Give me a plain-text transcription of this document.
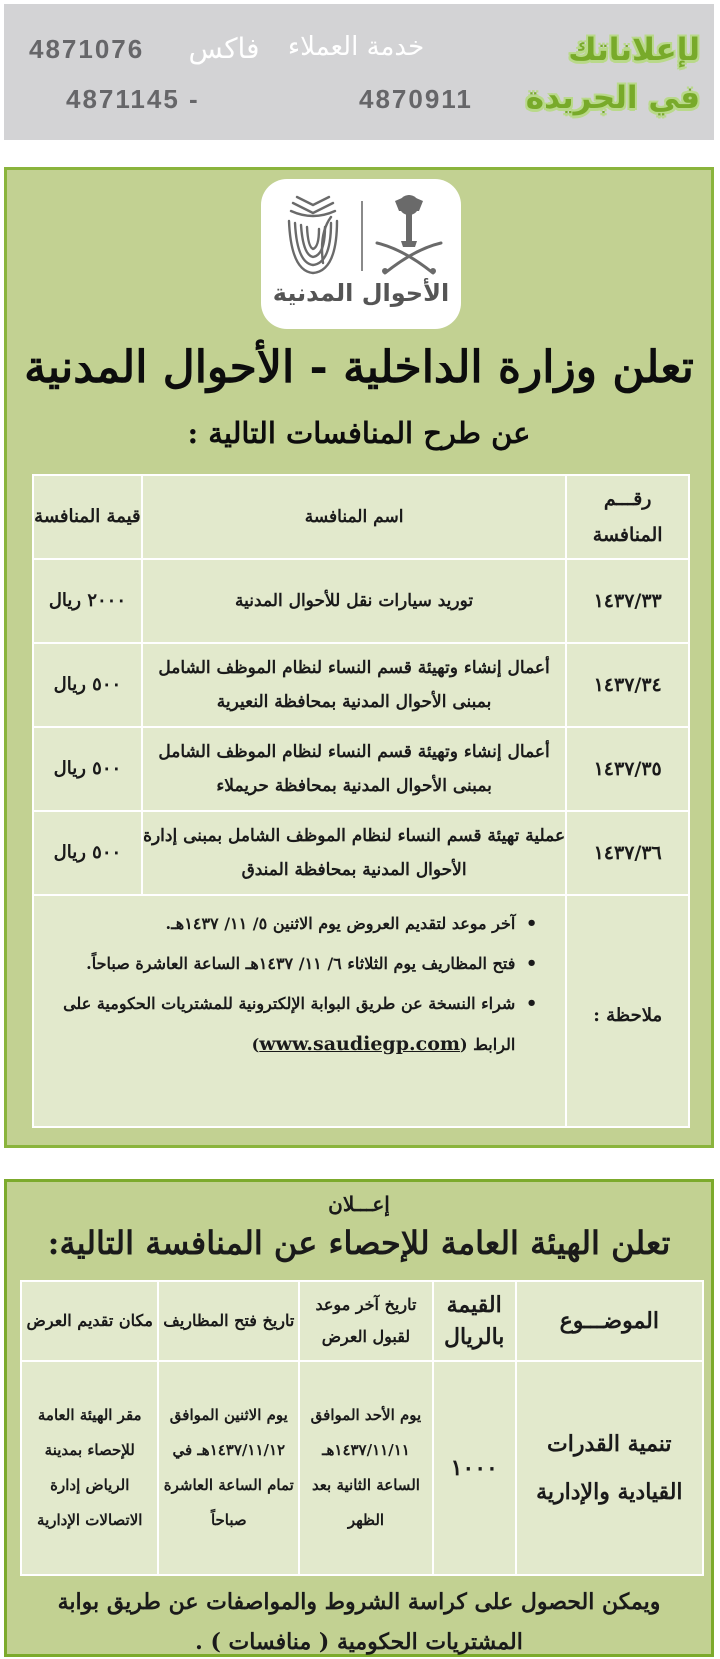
لإعلاناتك
في الجريدة
خدمة العملاء
فاكس
4871076
4870911
4871145 -
الأحوال المدنية
تعلن وزارة الداخلية - الأحوال المدنية
عن طرح المنافسات التالية :
رقـــم المنافسة	اسم المنافسة	قيمة المنافسة
١٤٣٧/٣٣	توريد سيارات نقل للأحوال المدنية	٢٠٠٠ ريال
١٤٣٧/٣٤	أعمال إنشاء وتهيئة قسم النساء لنظام الموظف الشامل بمبنى الأحوال المدنية بمحافظة النعيرية	٥٠٠ ريال
١٤٣٧/٣٥	أعمال إنشاء وتهيئة قسم النساء لنظام الموظف الشامل بمبنى الأحوال المدنية بمحافظة حريملاء	٥٠٠ ريال
١٤٣٧/٣٦	عملية تهيئة قسم النساء لنظام الموظف الشامل بمبنى إدارة الأحوال المدنية بمحافظة المندق	٥٠٠ ريال
ملاحظة :	
• آخر موعد لتقديم العروض يوم الاثنين ٥/ ١١/ ١٤٣٧هـ.
• فتح المظاريف يوم الثلاثاء ٦/ ١١/ ١٤٣٧هـ الساعة العاشرة صباحاً.
• شراء النسخة عن طريق البوابة الإلكترونية للمشتريات الحكومية على الرابط (www.saudiegp.com)
إعـــلان
تعلن الهيئة العامة للإحصاء عن المنافسة التالية:
الموضـــوع	القيمة بالريال	تاريخ آخر موعد لقبول العرض	تاريخ فتح المظاريف	مكان تقديم العرض
تنمية القدرات القيادية والإدارية	١٠٠٠	يوم الأحد الموافق ١٤٣٧/١١/١١هـ الساعة الثانية بعد الظهر	يوم الاثنين الموافق ١٤٣٧/١١/١٢هـ في تمام الساعة العاشرة صباحاً	مقر الهيئة العامة للإحصاء بمدينة الرياض إدارة الاتصالات الإدارية
ويمكن الحصول على كراسة الشروط والمواصفات عن طريق بوابة المشتريات الحكومية ( منافسات ) .
